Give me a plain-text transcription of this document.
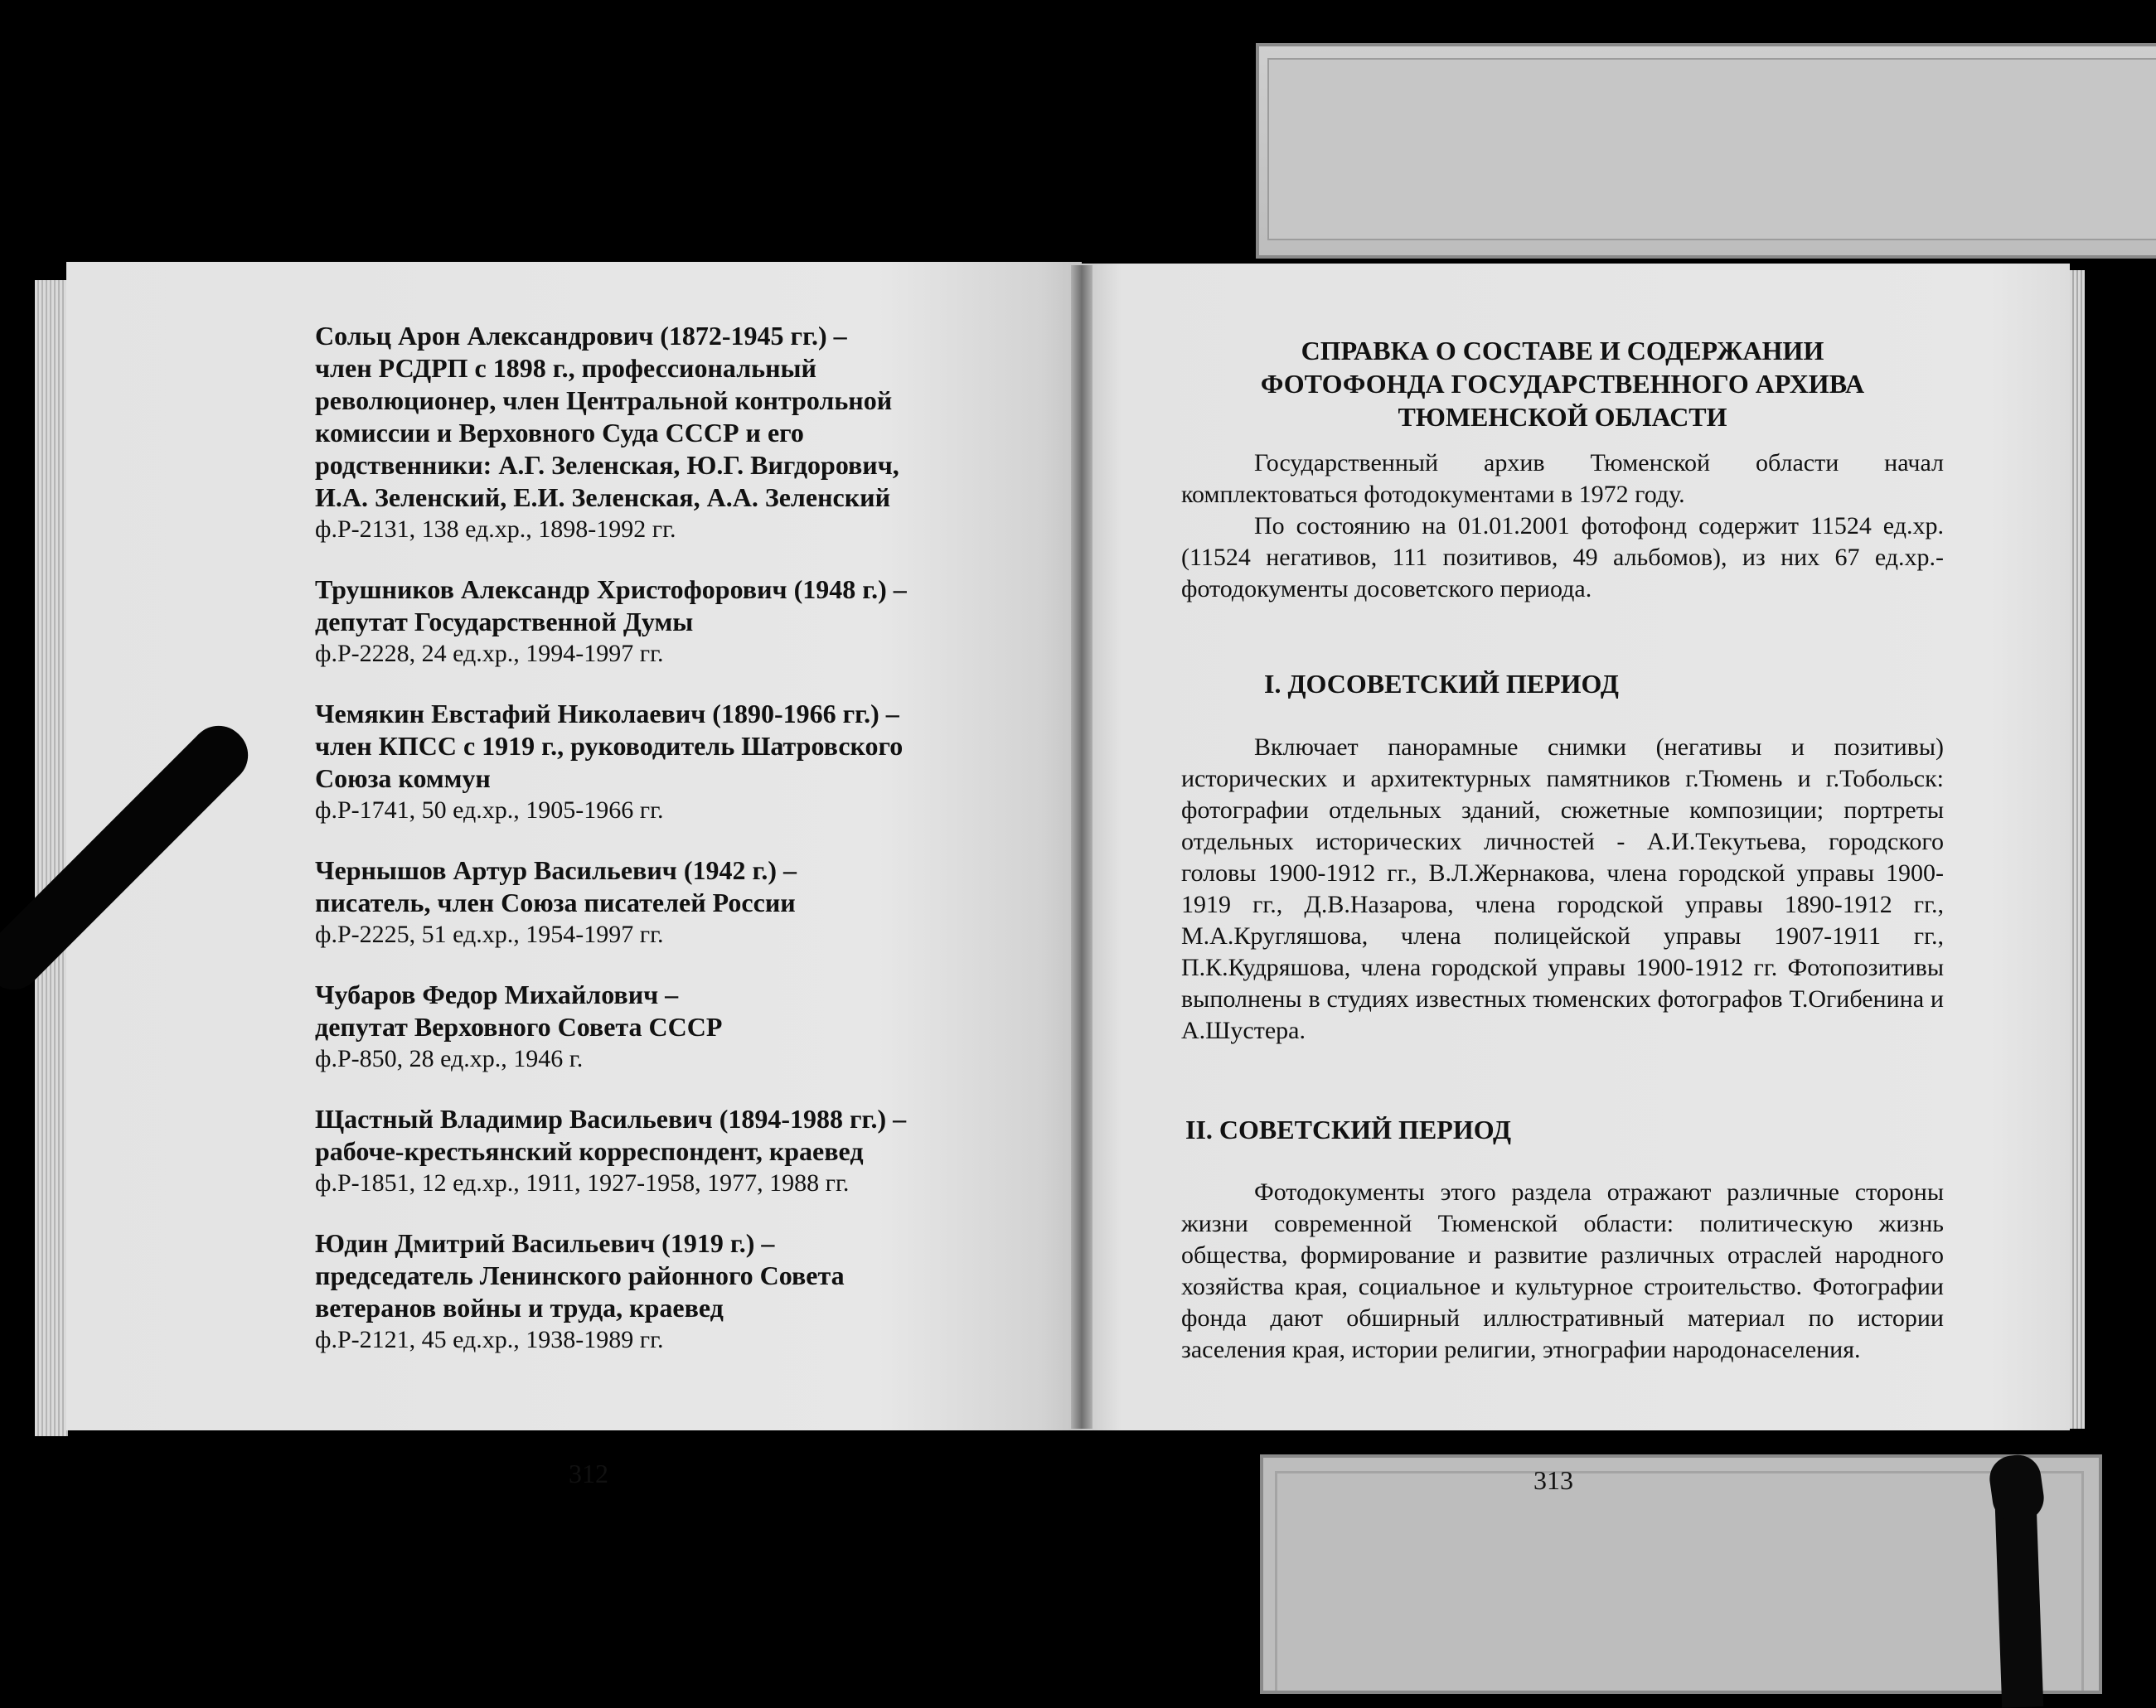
Сольц Арон Александрович (1872-1945 гг.) –
член РСДРП с 1898 г., профессиональный
революционер, член Центральной контрольной
комиссии и Верховного Суда СССР и его
родственники: А.Г. Зеленская, Ю.Г. Вигдорович,
И.А. Зеленский, Е.И. Зеленская, А.А. Зеленский
ф.Р-2131, 138 ед.хр., 1898-1992 гг.
Трушников Александр Христофорович (1948 г.) –
депутат Государственной Думы
ф.Р-2228, 24 ед.хр., 1994-1997 гг.
Чемякин Евстафий Николаевич (1890-1966 гг.) –
член КПСС с 1919 г., руководитель Шатровского
Союза коммун
ф.Р-1741, 50 ед.хр., 1905-1966 гг.
Чернышов Артур Васильевич (1942 г.) –
писатель, член Союза писателей России
ф.Р-2225, 51 ед.хр., 1954-1997 гг.
Чубаров Федор Михайлович –
депутат Верховного Совета СССР
ф.Р-850, 28 ед.хр., 1946 г.
Щастный Владимир Васильевич (1894-1988 гг.) –
рабоче-крестьянский корреспондент, краевед
ф.Р-1851, 12 ед.хр., 1911, 1927-1958, 1977, 1988 гг.
Юдин Дмитрий Васильевич (1919 г.) –
председатель Ленинского районного Совета
ветеранов войны и труда, краевед
ф.Р-2121, 45 ед.хр., 1938-1989 гг.
312
СПРАВКА О СОСТАВЕ И СОДЕРЖАНИИ
ФОТОФОНДА ГОСУДАРСТВЕННОГО АРХИВА
ТЮМЕНСКОЙ ОБЛАСТИ
Государственный архив Тюменской области начал комплектоваться фотодокументами в 1972 году.
По состоянию на 01.01.2001 фотофонд содержит 11524 ед.хр. (11524 негативов, 111 позитивов, 49 альбомов), из них 67 ед.хр.- фотодокументы досоветского периода.
I. ДОСОВЕТСКИЙ ПЕРИОД
Включает панорамные снимки (негативы и позитивы) исторических и архитектурных памятников г.Тюмень и г.Тобольск: фотографии отдельных зданий, сюжетные композиции; портреты отдельных исторических личностей - А.И.Текутьева, городского головы 1900-1912 гг., В.Л.Жернакова, члена городской управы 1900-1919 гг., Д.В.Назарова, члена городской управы 1890-1912 гг., М.А.Кругляшова, члена полицейской управы 1907-1911 гг., П.К.Кудряшова, члена городской управы 1900-1912 гг. Фотопозитивы выполнены в студиях известных тюменских фотографов Т.Огибенина и А.Шустера.
II. СОВЕТСКИЙ ПЕРИОД
Фотодокументы этого раздела отражают различные стороны жизни современной Тюменской области: политическую жизнь общества, формирование и развитие различных отраслей народного хозяйства края, социальное и культурное строительство. Фотографии фонда дают обширный иллюстративный материал по истории заселения края, истории религии, этнографии народонаселения.
313
